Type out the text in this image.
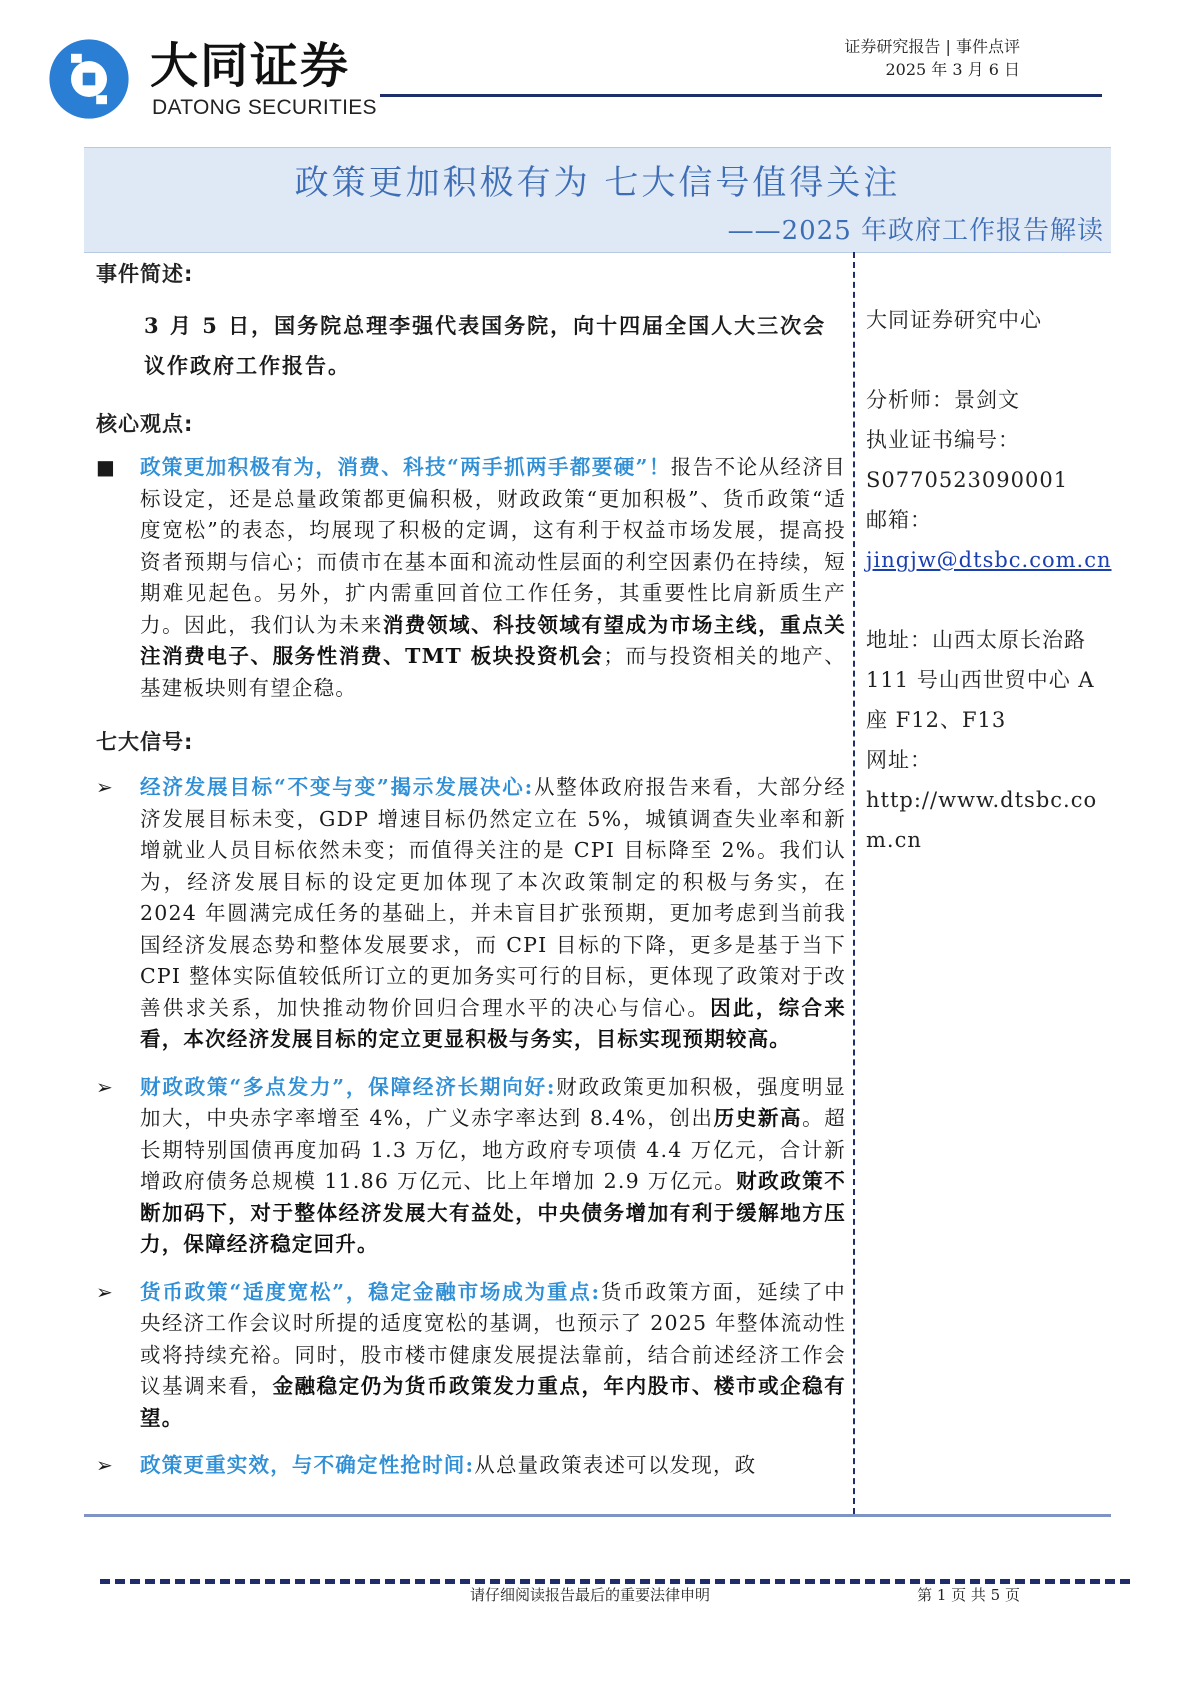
大同证券
DATONG SECURITIES
证券研究报告 | 事件点评
2025 年 3 月 6 日
政策更加积极有为 七大信号值得关注
——2025 年政府工作报告解读

事件简述:

3 月 5 日，国务院总理李强代表国务院，向十四届全国人大三次会议作政府工作报告。

核心观点:

■ 政策更加积极有为，消费、科技“两手抓两手都要硬”！报告不论从经济目标设定，还是总量政策都更偏积极，财政政策“更加积极”、货币政策“适度宽松”的表态，均展现了积极的定调，这有利于权益市场发展，提高投资者预期与信心；而债市在基本面和流动性层面的利空因素仍在持续，短期难见起色。另外，扩内需重回首位工作任务，其重要性比肩新质生产力。因此，我们认为未来消费领域、科技领域有望成为市场主线，重点关注消费电子、服务性消费、TMT 板块投资机会；而与投资相关的地产、基建板块则有望企稳。

七大信号:

➢ 经济发展目标“不变与变”揭示发展决心:从整体政府报告来看，大部分经济发展目标未变，GDP 增速目标仍然定立在 5%，城镇调查失业率和新增就业人员目标依然未变；而值得关注的是 CPI 目标降至 2%。我们认为，经济发展目标的设定更加体现了本次政策制定的积极与务实，在 2024 年圆满完成任务的基础上，并未盲目扩张预期，更加考虑到当前我国经济发展态势和整体发展要求，而 CPI 目标的下降，更多是基于当下 CPI 整体实际值较低所订立的更加务实可行的目标，更体现了政策对于改善供求关系，加快推动物价回归合理水平的决心与信心。因此，综合来看，本次经济发展目标的定立更显积极与务实，目标实现预期较高。
➢ 财政政策“多点发力”，保障经济长期向好:财政政策更加积极，强度明显加大，中央赤字率增至 4%，广义赤字率达到 8.4%，创出历史新高。超长期特别国债再度加码 1.3 万亿，地方政府专项债 4.4 万亿元，合计新增政府债务总规模 11.86 万亿元、比上年增加 2.9 万亿元。财政政策不断加码下，对于整体经济发展大有益处，中央债务增加有利于缓解地方压力，保障经济稳定回升。
➢ 货币政策“适度宽松”，稳定金融市场成为重点:货币政策方面，延续了中央经济工作会议时所提的适度宽松的基调，也预示了 2025 年整体流动性或将持续充裕。同时，股市楼市健康发展提法靠前，结合前述经济工作会议基调来看，金融稳定仍为货币政策发力重点，年内股市、楼市或企稳有望。
➢ 政策更重实效，与不确定性抢时间:从总量政策表述可以发现，政

大同证券研究中心

分析师：景剑文

执业证书编号：

S0770523090001

邮箱：

jingjw@dtsbc.com.cn

地址：山西太原长治路 111 号山西世贸中心 A 座 F12、F13

网址：

http://www.dtsbc.com.cn

请仔细阅读报告最后的重要法律申明	第 1 页 共 5 页
